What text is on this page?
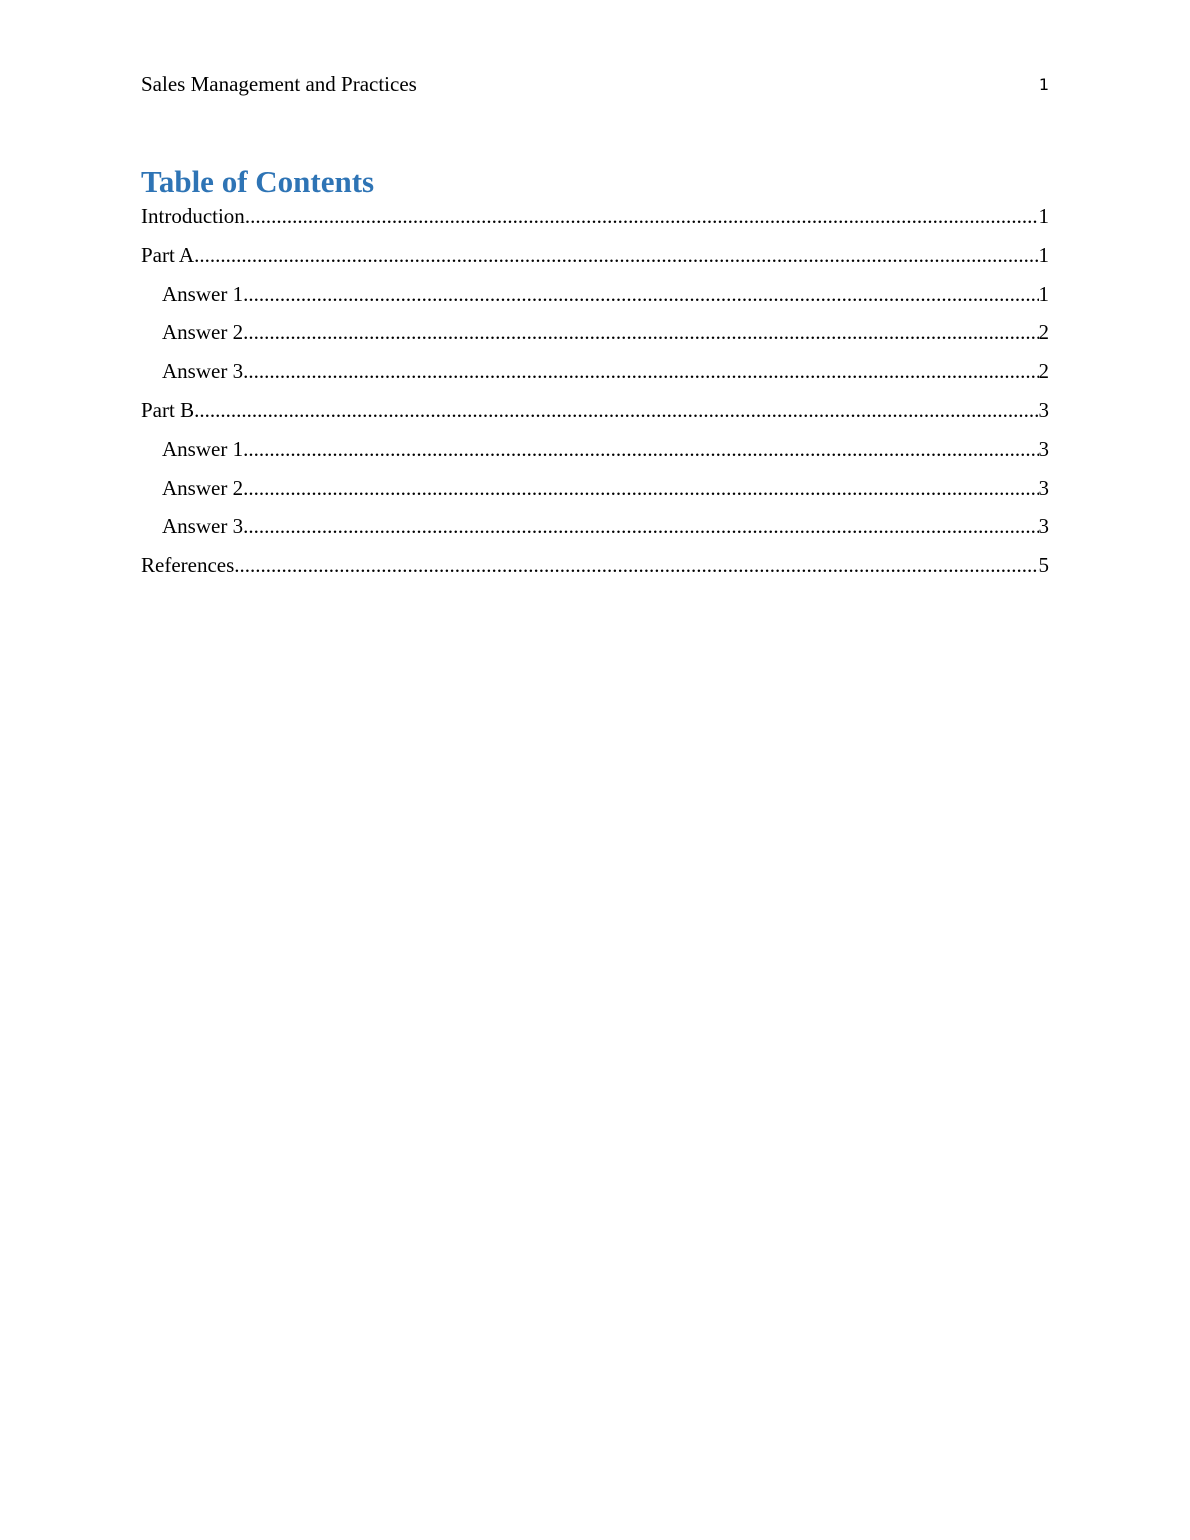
Sales Management and Practices	1
Table of Contents
Introduction .....	1
Part A .....	1
Answer 1 .....	1
Answer 2 .....	2
Answer 3 .....	2
Part B .....	3
Answer 1 .....	3
Answer 2 .....	3
Answer 3 .....	3
References .....	5
